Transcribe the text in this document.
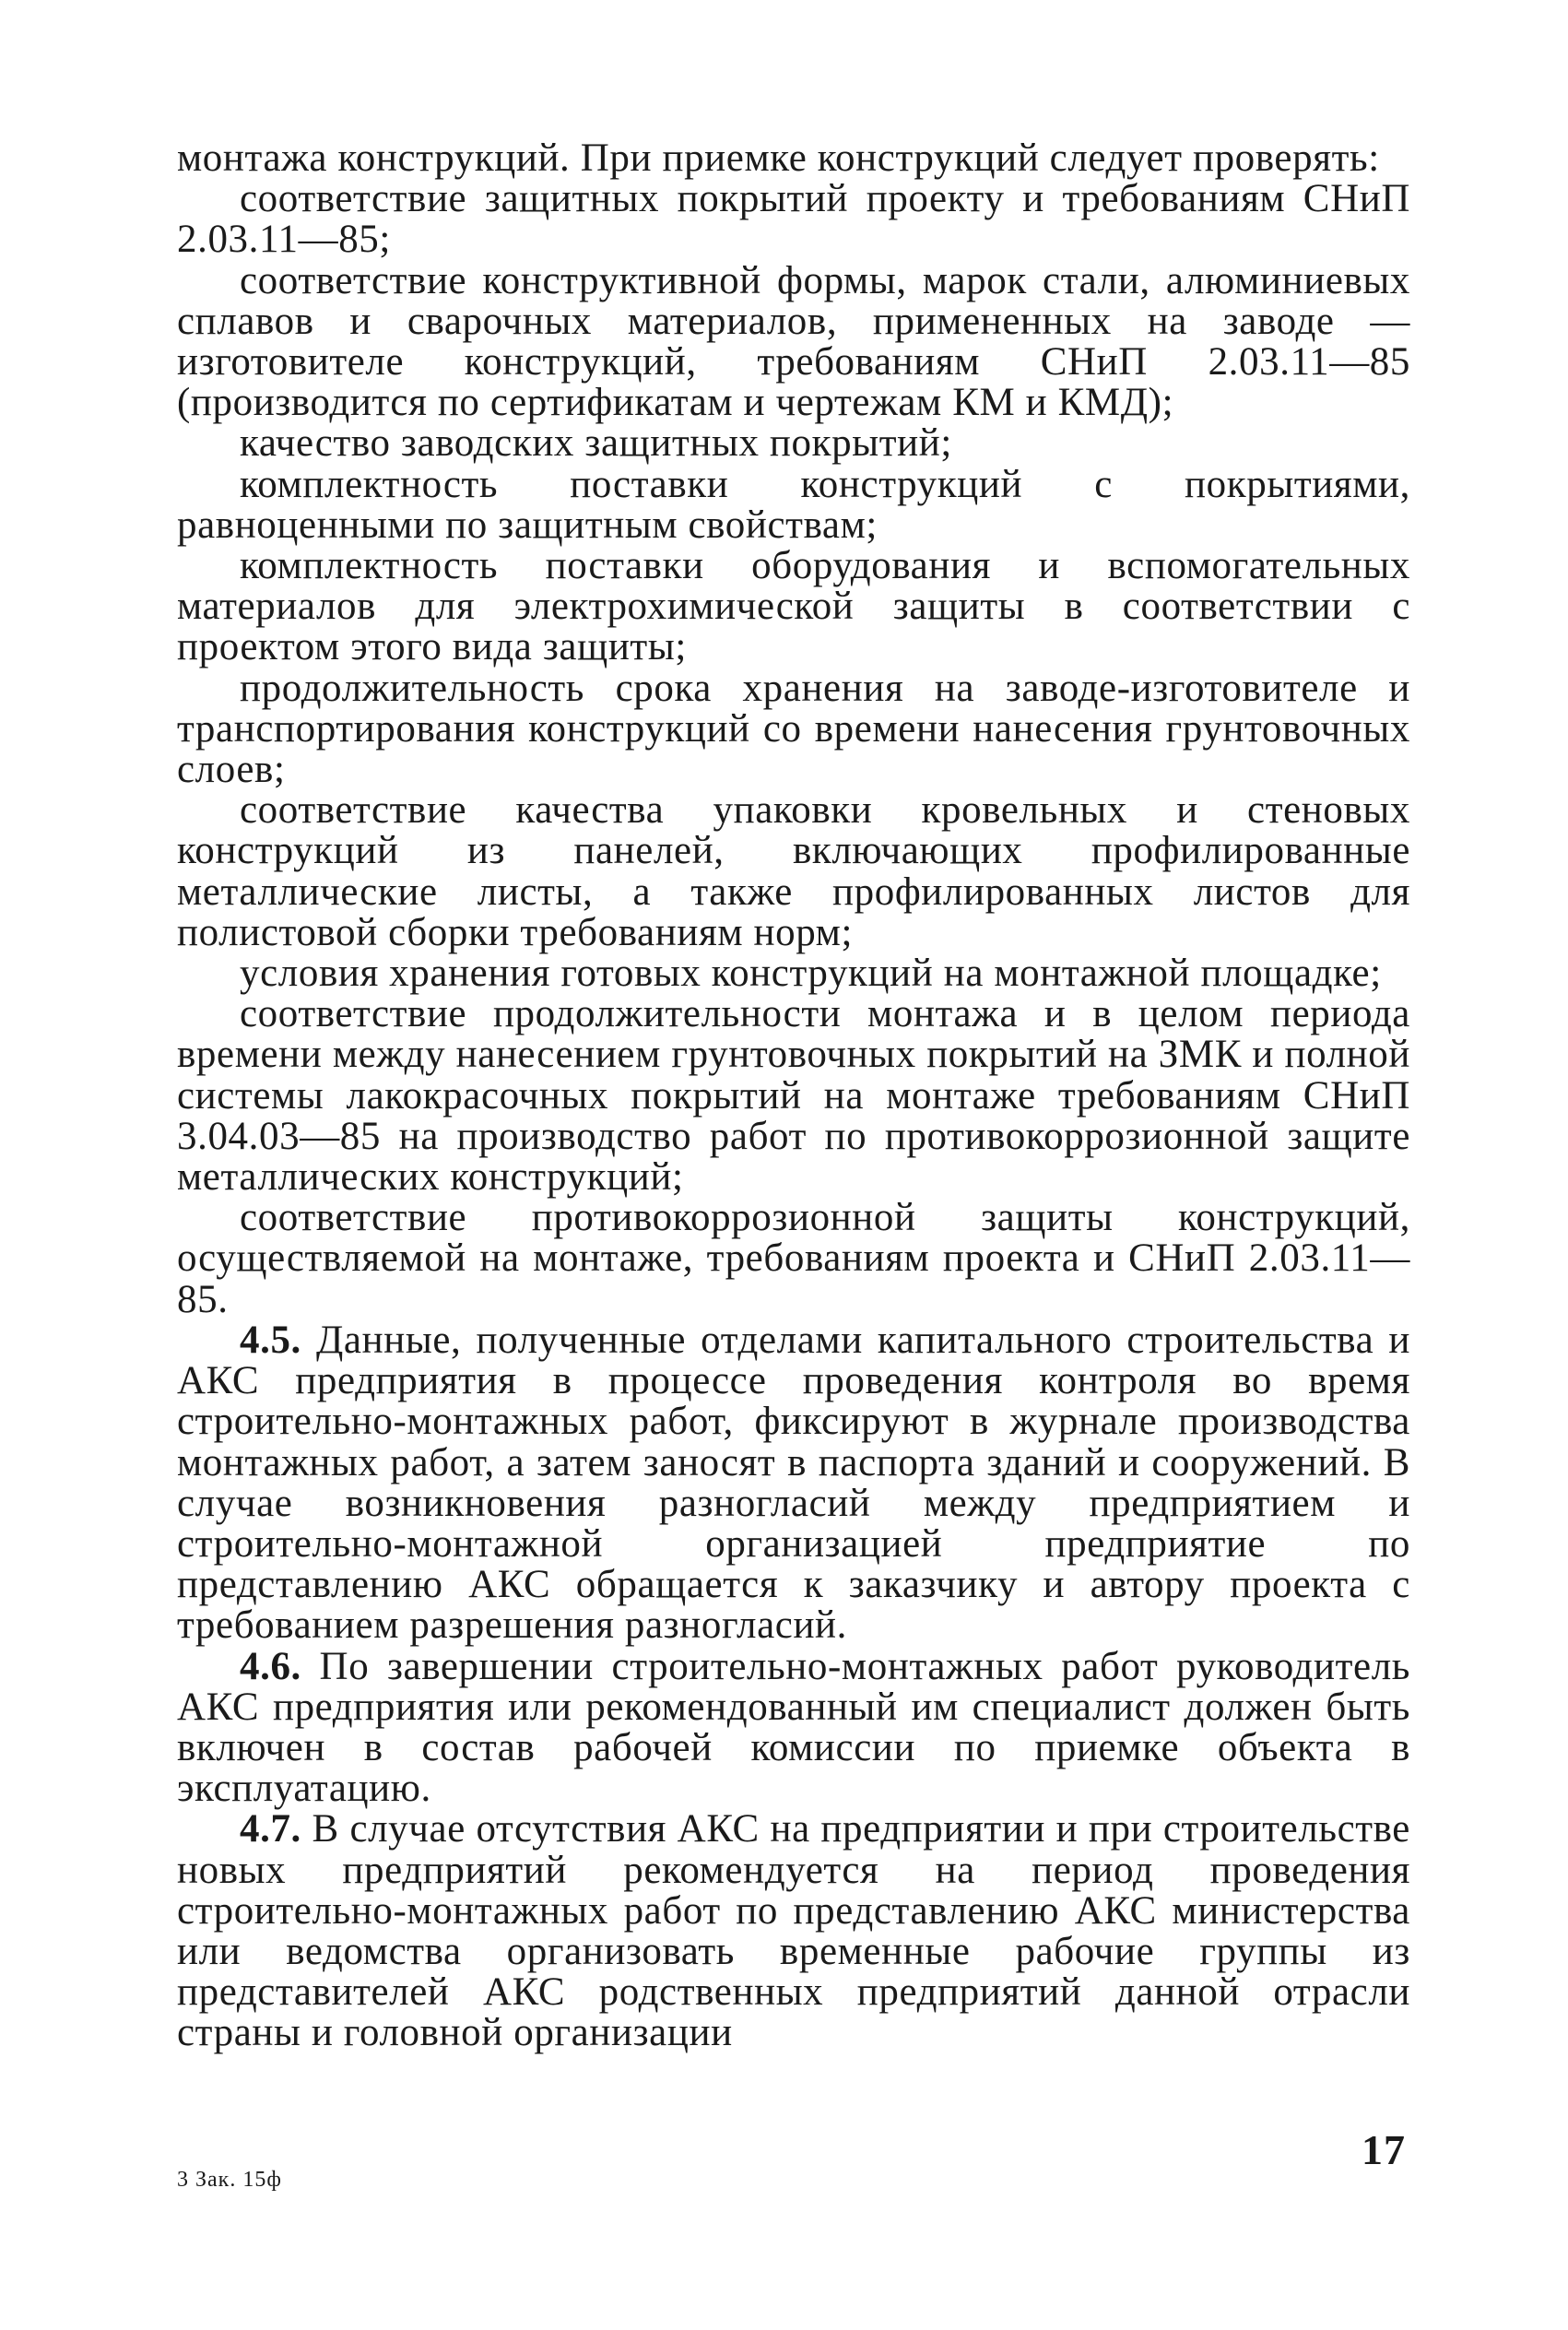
монтажа конструкций. При приемке конструкций следует проверять:

соответствие защитных покрытий проекту и требованиям СНиП 2.03.11—85;

соответствие конструктивной формы, марок стали, алюминиевых сплавов и сварочных материалов, примененных на заводе — изготовителе конструкций, требованиям СНиП 2.03.11—85 (производится по сертификатам и чертежам КМ и КМД);

качество заводских защитных покрытий;

комплектность поставки конструкций с покрытиями, равноценными по защитным свойствам;

комплектность поставки оборудования и вспомогательных материалов для электрохимической защиты в соответствии с проектом этого вида защиты;

продолжительность срока хранения на заводе-изготовителе и транспортирования конструкций со времени нанесения грунтовочных слоев;

соответствие качества упаковки кровельных и стеновых конструкций из панелей, включающих профилированные металлические листы, а также профилированных листов для полистовой сборки требованиям норм;

условия хранения готовых конструкций на монтажной площадке;

соответствие продолжительности монтажа и в целом периода времени между нанесением грунтовочных покрытий на ЗМК и полной системы лакокрасочных покрытий на монтаже требованиям СНиП 3.04.03—85 на производство работ по противокоррозионной защите металлических конструкций;

соответствие противокоррозионной защиты конструкций, осуществляемой на монтаже, требованиям проекта и СНиП 2.03.11—85.

4.5. Данные, полученные отделами капитального строительства и АКС предприятия в процессе проведения контроля во время строительно-монтажных работ, фиксируют в журнале производства монтажных работ, а затем заносят в паспорта зданий и сооружений. В случае возникновения разногласий между предприятием и строительно-монтажной организацией предприятие по представлению АКС обращается к заказчику и автору проекта с требованием разрешения разногласий.

4.6. По завершении строительно-монтажных работ руководитель АКС предприятия или рекомендованный им специалист должен быть включен в состав рабочей комиссии по приемке объекта в эксплуатацию.

4.7. В случае отсутствия АКС на предприятии и при строительстве новых предприятий рекомендуется на период проведения строительно-монтажных работ по представлению АКС министерства или ведомства организовать временные рабочие группы из представителей АКС родственных предприятий данной отрасли страны и головной организации

17
3 Зак. 15ф
